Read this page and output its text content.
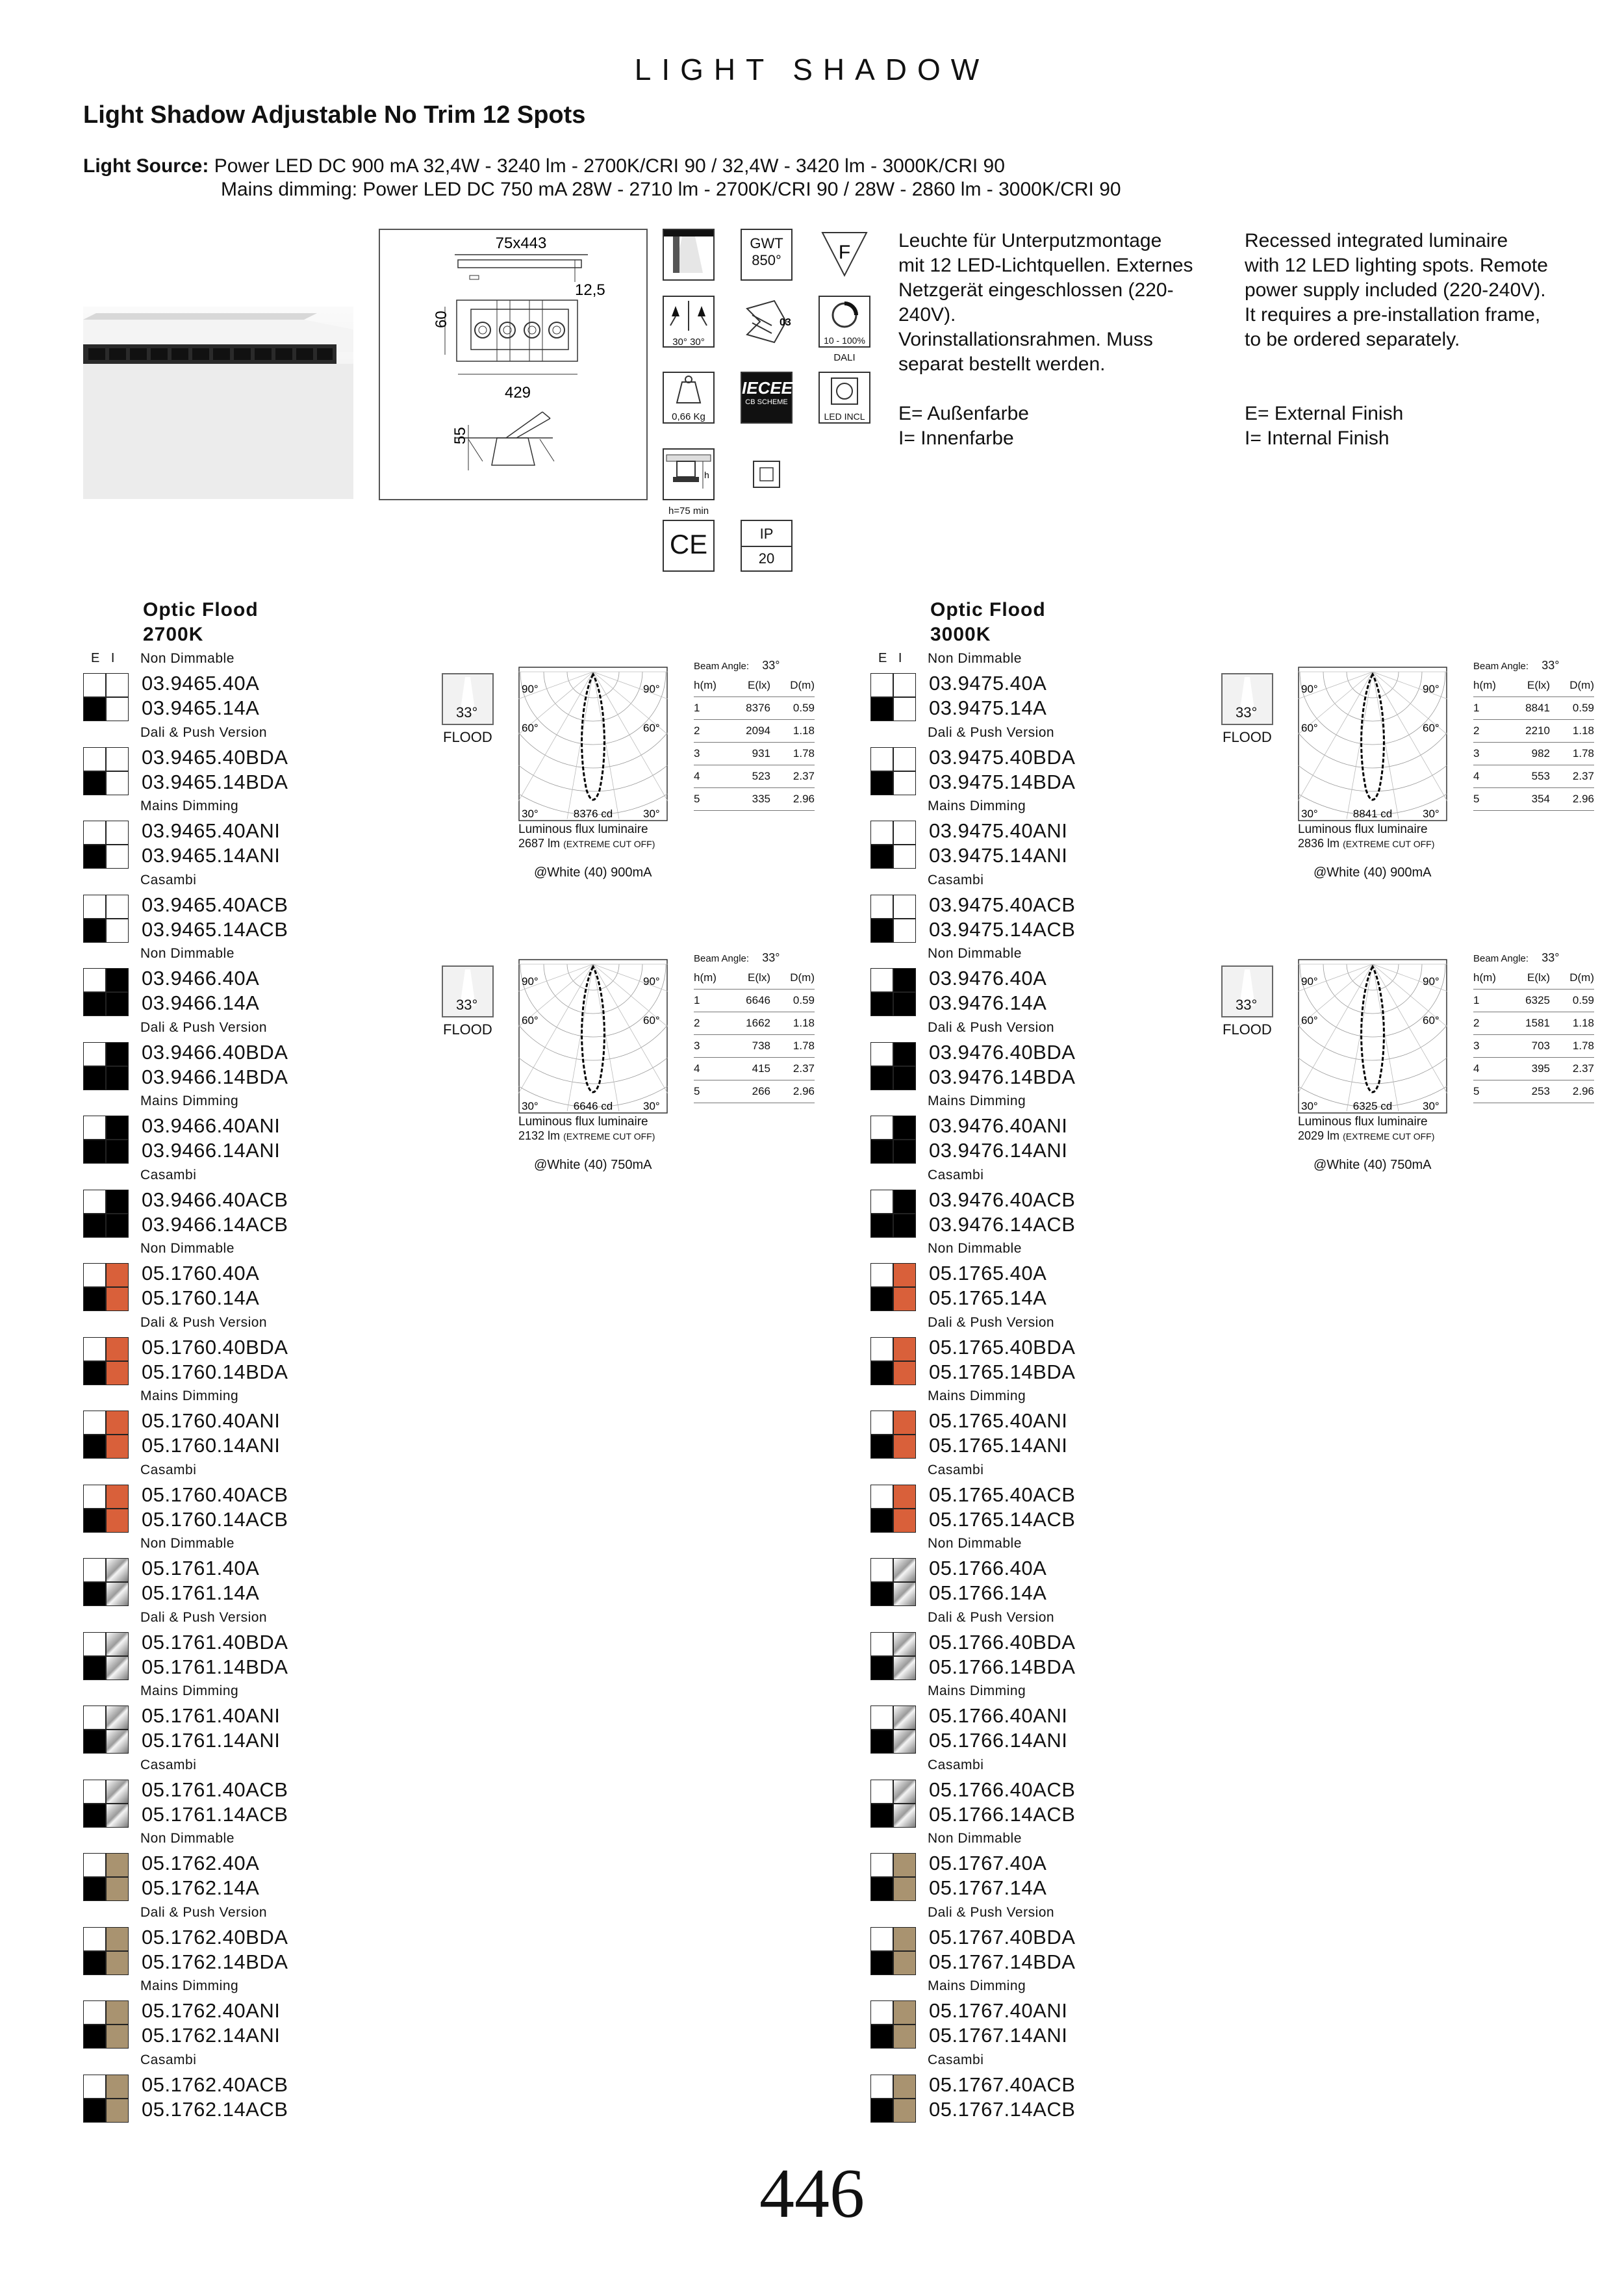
LIGHT SHADOW
Light Shadow Adjustable No Trim 12 Spots
Light Source: Power LED DC 900 mA 32,4W - 3240 lm - 2700K/CRI 90 / 32,4W - 3420 lm - 3000K/CRI 90
Mains dimming: Power LED DC 750 mA 28W - 2710 lm - 2700K/CRI 90 / 28W - 2860 lm - 3000K/CRI 90
75x443
12,5
60
429
55
GWT
850°	F
30° 30°
03
10 - 100%
DALI
0,66 Kg
IECEE
CB SCHEME
LED INCL
h
h=75 min
CE	IP
20
Leuchte für Unterputzmontage
mit 12 LED-Lichtquellen. Externes
Netzgerät eingeschlossen (220-
240V).
Vorinstallationsrahmen. Muss
separat bestellt werden.
E= Außenfarbe
I= Innenfarbe
Recessed integrated luminaire
with 12 LED lighting spots. Remote
power supply included (220-240V).
It requires a pre-installation frame,
to be ordered separately.
E= External Finish
I= Internal Finish
Optic Flood
2700K
E I Non Dimmable
03.9465.40A
03.9465.14A
Dali & Push Version
03.9465.40BDA
03.9465.14BDA
Mains Dimming
03.9465.40ANI
03.9465.14ANI
Casambi
03.9465.40ACB
03.9465.14ACB
Non Dimmable
03.9466.40A
03.9466.14A
Dali & Push Version
03.9466.40BDA
03.9466.14BDA
Mains Dimming
03.9466.40ANI
03.9466.14ANI
Casambi
03.9466.40ACB
03.9466.14ACB
Non Dimmable
05.1760.40A
05.1760.14A
Dali & Push Version
05.1760.40BDA
05.1760.14BDA
Mains Dimming
05.1760.40ANI
05.1760.14ANI
Casambi
05.1760.40ACB
05.1760.14ACB
Non Dimmable
05.1761.40A
05.1761.14A
Dali & Push Version
05.1761.40BDA
05.1761.14BDA
Mains Dimming
05.1761.40ANI
05.1761.14ANI
Casambi
05.1761.40ACB
05.1761.14ACB
Non Dimmable
05.1762.40A
05.1762.14A
Dali & Push Version
05.1762.40BDA
05.1762.14BDA
Mains Dimming
05.1762.40ANI
05.1762.14ANI
Casambi
05.1762.40ACB
05.1762.14ACB
33°
FLOOD
90°	90°
60°	60°
30°	30°
8376 cd
Luminous flux luminaire
2687 lm (EXTREME CUT OFF)
@White (40) 900mA
Beam Angle: 33°
h(m)	E(lx)	D(m)
1	8376	0.59
2	2094	1.18
3	931	1.78
4	523	2.37
5	335	2.96
33°
FLOOD
90°	90°
60°	60°
30°	30°
6646 cd
Luminous flux luminaire
2132 lm (EXTREME CUT OFF)
@White (40) 750mA
Beam Angle: 33°
h(m)	E(lx)	D(m)
1	6646	0.59
2	1662	1.18
3	738	1.78
4	415	2.37
5	266	2.96
Optic Flood
3000K
E I Non Dimmable
03.9475.40A
03.9475.14A
Dali & Push Version
03.9475.40BDA
03.9475.14BDA
Mains Dimming
03.9475.40ANI
03.9475.14ANI
Casambi
03.9475.40ACB
03.9475.14ACB
Non Dimmable
03.9476.40A
03.9476.14A
Dali & Push Version
03.9476.40BDA
03.9476.14BDA
Mains Dimming
03.9476.40ANI
03.9476.14ANI
Casambi
03.9476.40ACB
03.9476.14ACB
Non Dimmable
05.1765.40A
05.1765.14A
Dali & Push Version
05.1765.40BDA
05.1765.14BDA
Mains Dimming
05.1765.40ANI
05.1765.14ANI
Casambi
05.1765.40ACB
05.1765.14ACB
Non Dimmable
05.1766.40A
05.1766.14A
Dali & Push Version
05.1766.40BDA
05.1766.14BDA
Mains Dimming
05.1766.40ANI
05.1766.14ANI
Casambi
05.1766.40ACB
05.1766.14ACB
Non Dimmable
05.1767.40A
05.1767.14A
Dali & Push Version
05.1767.40BDA
05.1767.14BDA
Mains Dimming
05.1767.40ANI
05.1767.14ANI
Casambi
05.1767.40ACB
05.1767.14ACB
33°
FLOOD
90°	90°
60°	60°
30°	30°
8841 cd
Luminous flux luminaire
2836 lm (EXTREME CUT OFF)
@White (40) 900mA
Beam Angle: 33°
h(m)	E(lx)	D(m)
1	8841	0.59
2	2210	1.18
3	982	1.78
4	553	2.37
5	354	2.96
33°
FLOOD
90°	90°
60°	60°
30°	30°
6325 cd
Luminous flux luminaire
2029 lm (EXTREME CUT OFF)
@White (40) 750mA
Beam Angle: 33°
h(m)	E(lx)	D(m)
1	6325	0.59
2	1581	1.18
3	703	1.78
4	395	2.37
5	253	2.96
446
